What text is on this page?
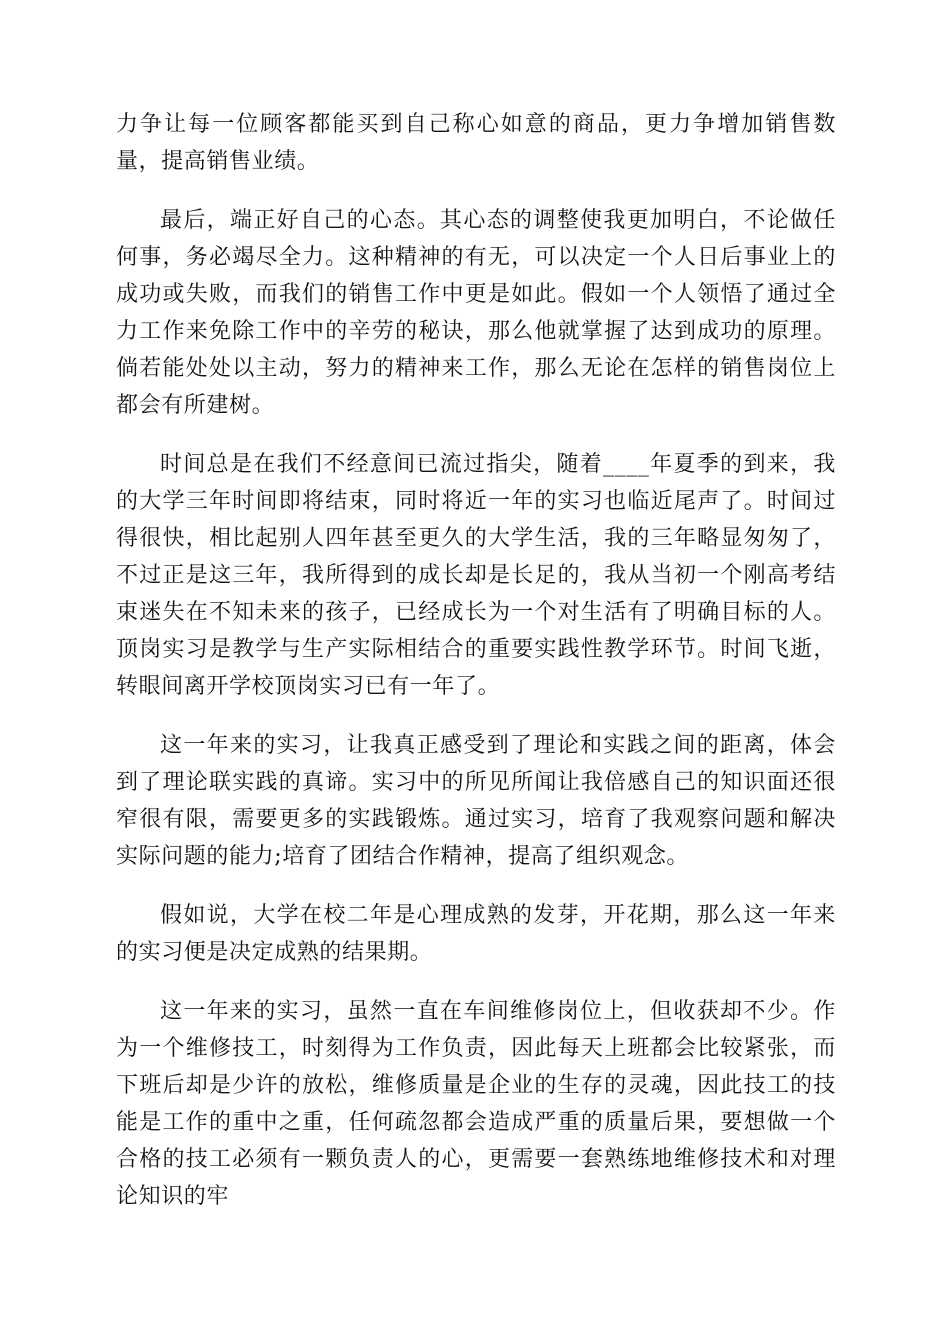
力争让每一位顾客都能买到自己称心如意的商品，更力争增加销售数量，提高销售业绩。

最后，端正好自己的心态。其心态的调整使我更加明白，不论做任何事，务必竭尽全力。这种精神的有无，可以决定一个人日后事业上的成功或失败，而我们的销售工作中更是如此。假如一个人领悟了通过全力工作来免除工作中的辛劳的秘诀，那么他就掌握了达到成功的原理。倘若能处处以主动，努力的精神来工作，那么无论在怎样的销售岗位上都会有所建树。

时间总是在我们不经意间已流过指尖，随着____年夏季的到来，我的大学三年时间即将结束，同时将近一年的实习也临近尾声了。时间过得很快，相比起别人四年甚至更久的大学生活，我的三年略显匆匆了，不过正是这三年，我所得到的成长却是长足的，我从当初一个刚高考结束迷失在不知未来的孩子，已经成长为一个对生活有了明确目标的人。顶岗实习是教学与生产实际相结合的重要实践性教学环节。时间飞逝，转眼间离开学校顶岗实习已有一年了。

这一年来的实习，让我真正感受到了理论和实践之间的距离，体会到了理论联实践的真谛。实习中的所见所闻让我倍感自己的知识面还很窄很有限，需要更多的实践锻炼。通过实习，培育了我观察问题和解决实际问题的能力;培育了团结合作精神，提高了组织观念。

假如说，大学在校二年是心理成熟的发芽，开花期，那么这一年来的实习便是决定成熟的结果期。

这一年来的实习，虽然一直在车间维修岗位上，但收获却不少。作为一个维修技工，时刻得为工作负责，因此每天上班都会比较紧张，而下班后却是少许的放松，维修质量是企业的生存的灵魂，因此技工的技能是工作的重中之重，任何疏忽都会造成严重的质量后果，要想做一个合格的技工必须有一颗负责人的心，更需要一套熟练地维修技术和对理论知识的牢
